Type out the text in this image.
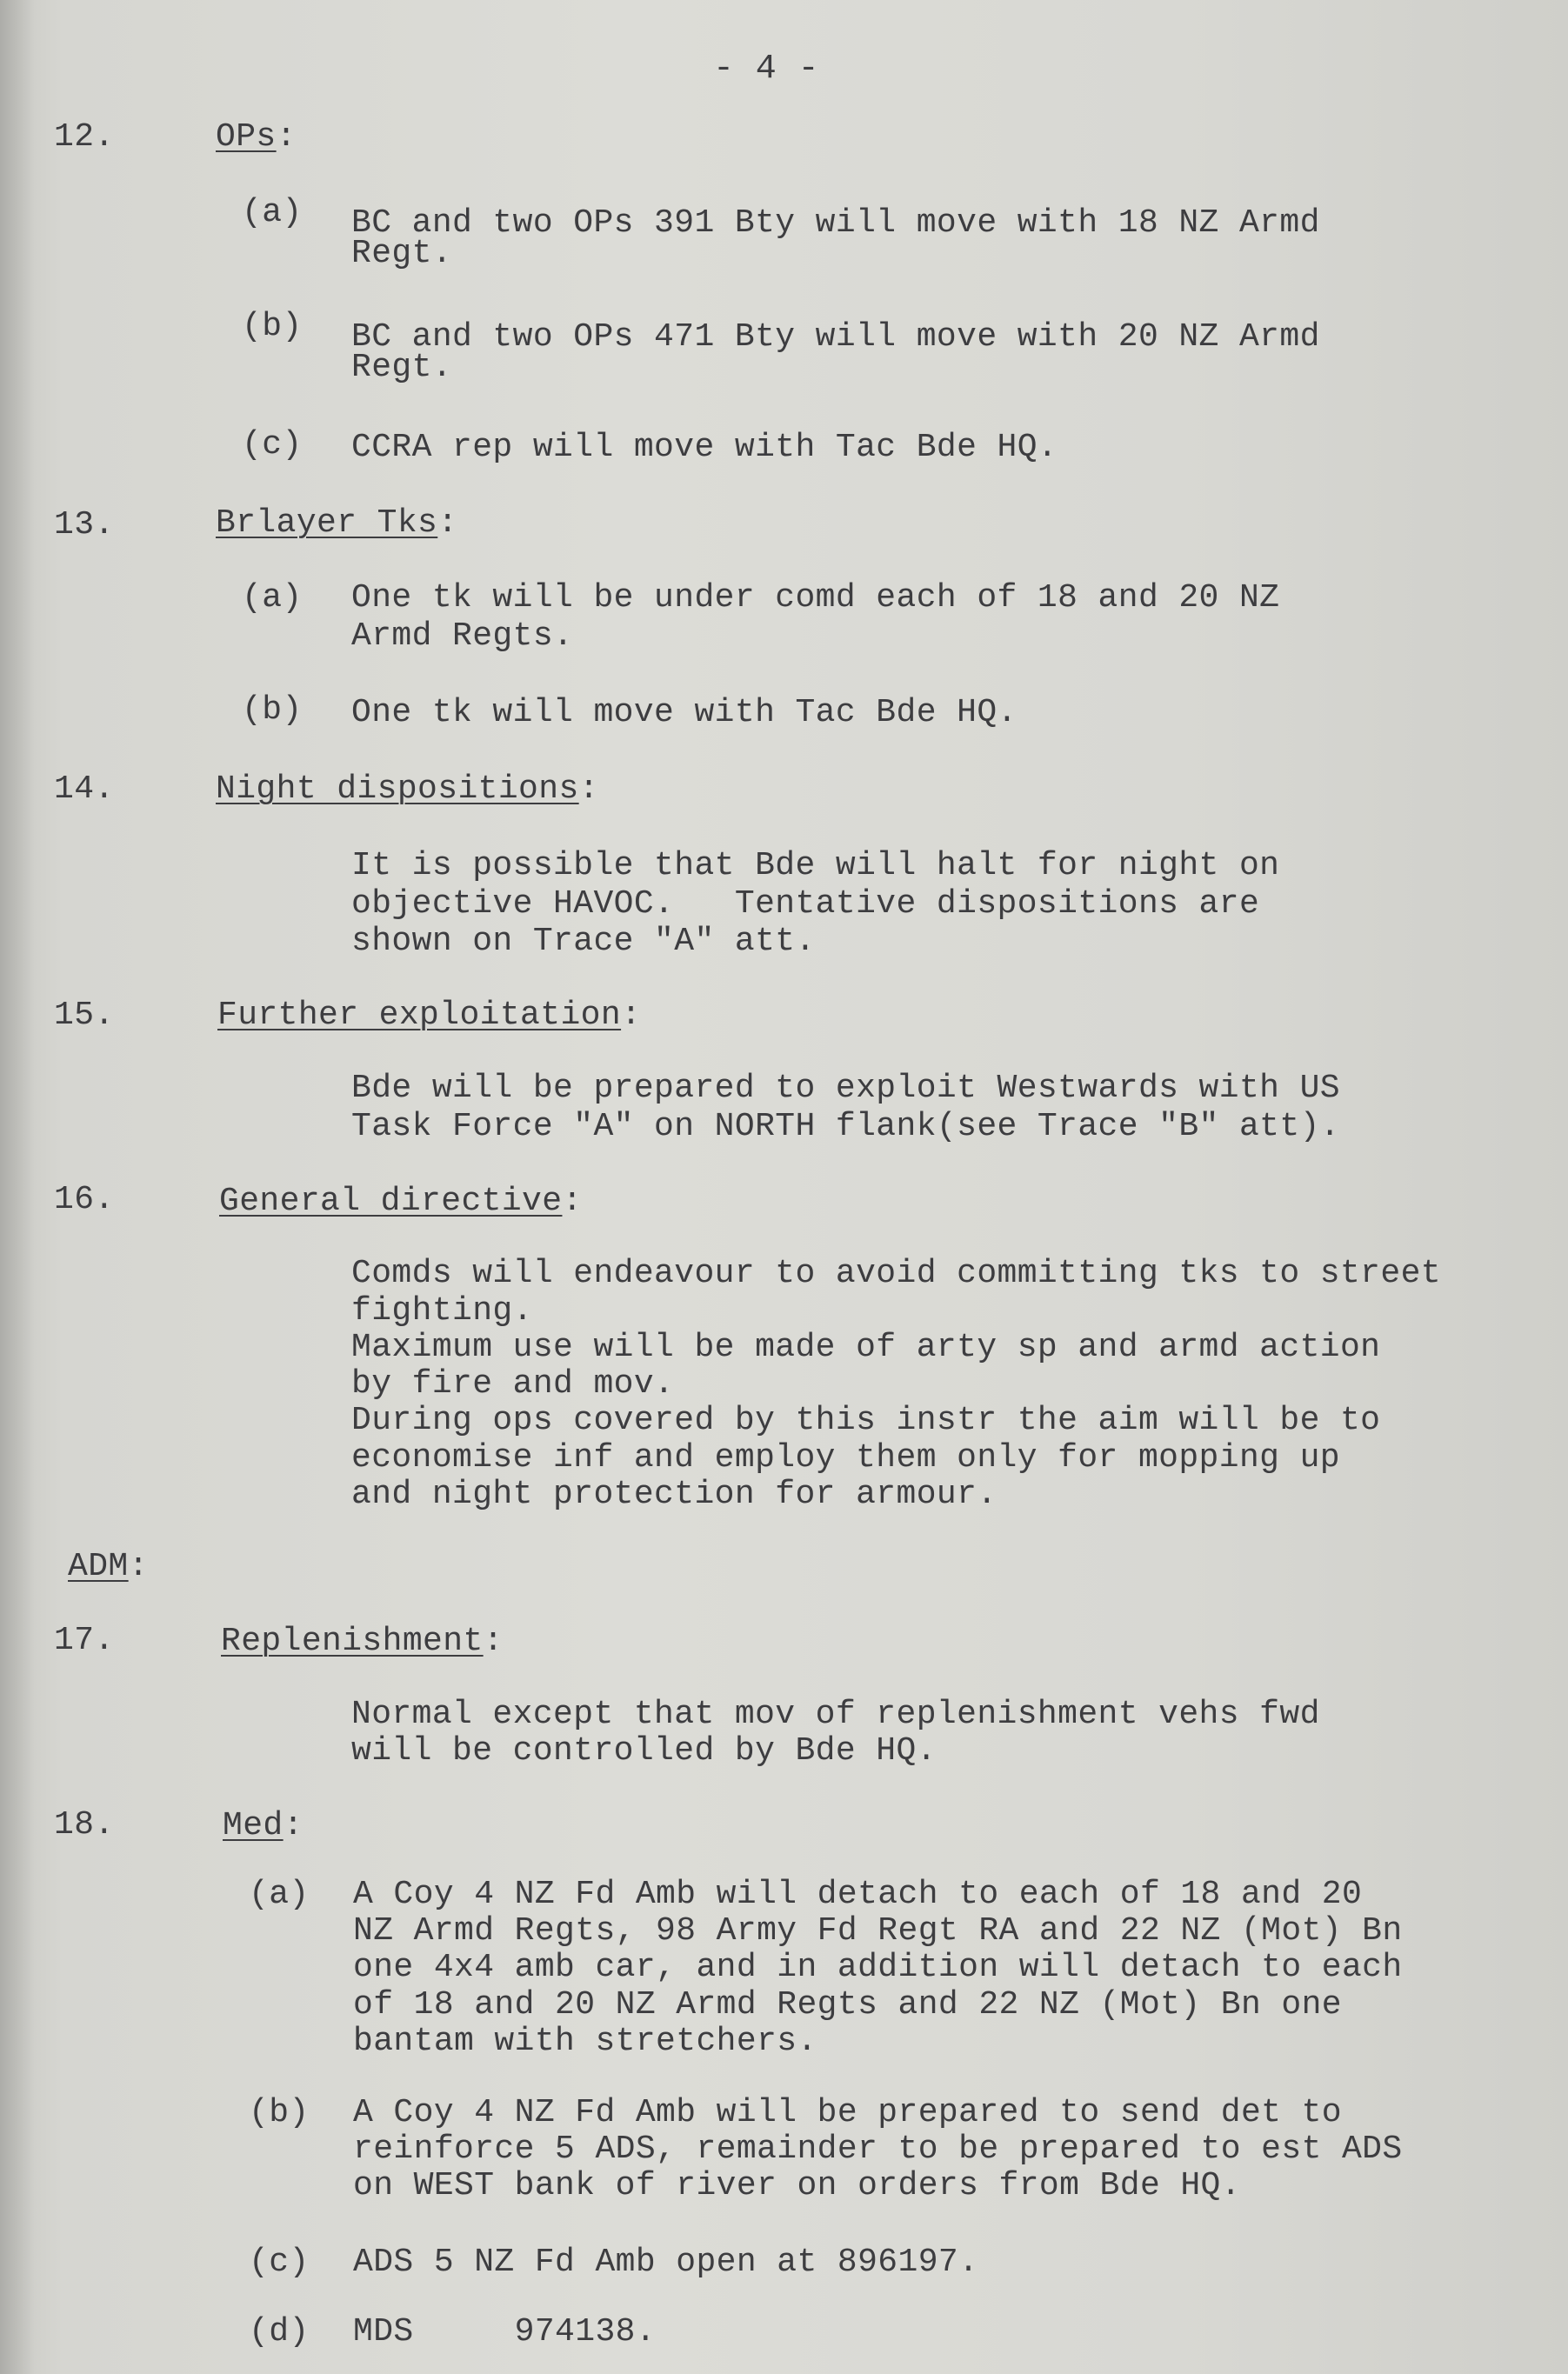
- 4 -
12.	OPs:
(a) BC and two OPs 391 Bty will move with 18 NZ Armd
Regt.
(b) BC and two OPs 471 Bty will move with 20 NZ Armd
Regt.
(c) CCRA rep will move with Tac Bde HQ.
13.	Brlayer Tks:
(a) One tk will be under comd each of 18 and 20 NZ
Armd Regts.
(b) One tk will move with Tac Bde HQ.
14.	Night dispositions:
It is possible that Bde will halt for night on
objective HAVOC.   Tentative dispositions are
shown on Trace "A" att.
15.	Further exploitation:
Bde will be prepared to exploit Westwards with US
Task Force "A" on NORTH flank(see Trace "B" att).
16.	General directive:
Comds will endeavour to avoid committing tks to street
fighting.
Maximum use will be made of arty sp and armd action
by fire and mov.
During ops covered by this instr the aim will be to
economise inf and employ them only for mopping up
and night protection for armour.
ADM:
17.	Replenishment:
Normal except that mov of replenishment vehs fwd
will be controlled by Bde HQ.
18.	Med:
(a) A Coy 4 NZ Fd Amb will detach to each of 18 and 20
NZ Armd Regts, 98 Army Fd Regt RA and 22 NZ (Mot) Bn
one 4x4 amb car, and in addition will detach to each
of 18 and 20 NZ Armd Regts and 22 NZ (Mot) Bn one
bantam with stretchers.
(b) A Coy 4 NZ Fd Amb will be prepared to send det to
reinforce 5 ADS, remainder to be prepared to est ADS
on WEST bank of river on orders from Bde HQ.
(c) ADS 5 NZ Fd Amb open at 896197.
(d) MDS     974138.
